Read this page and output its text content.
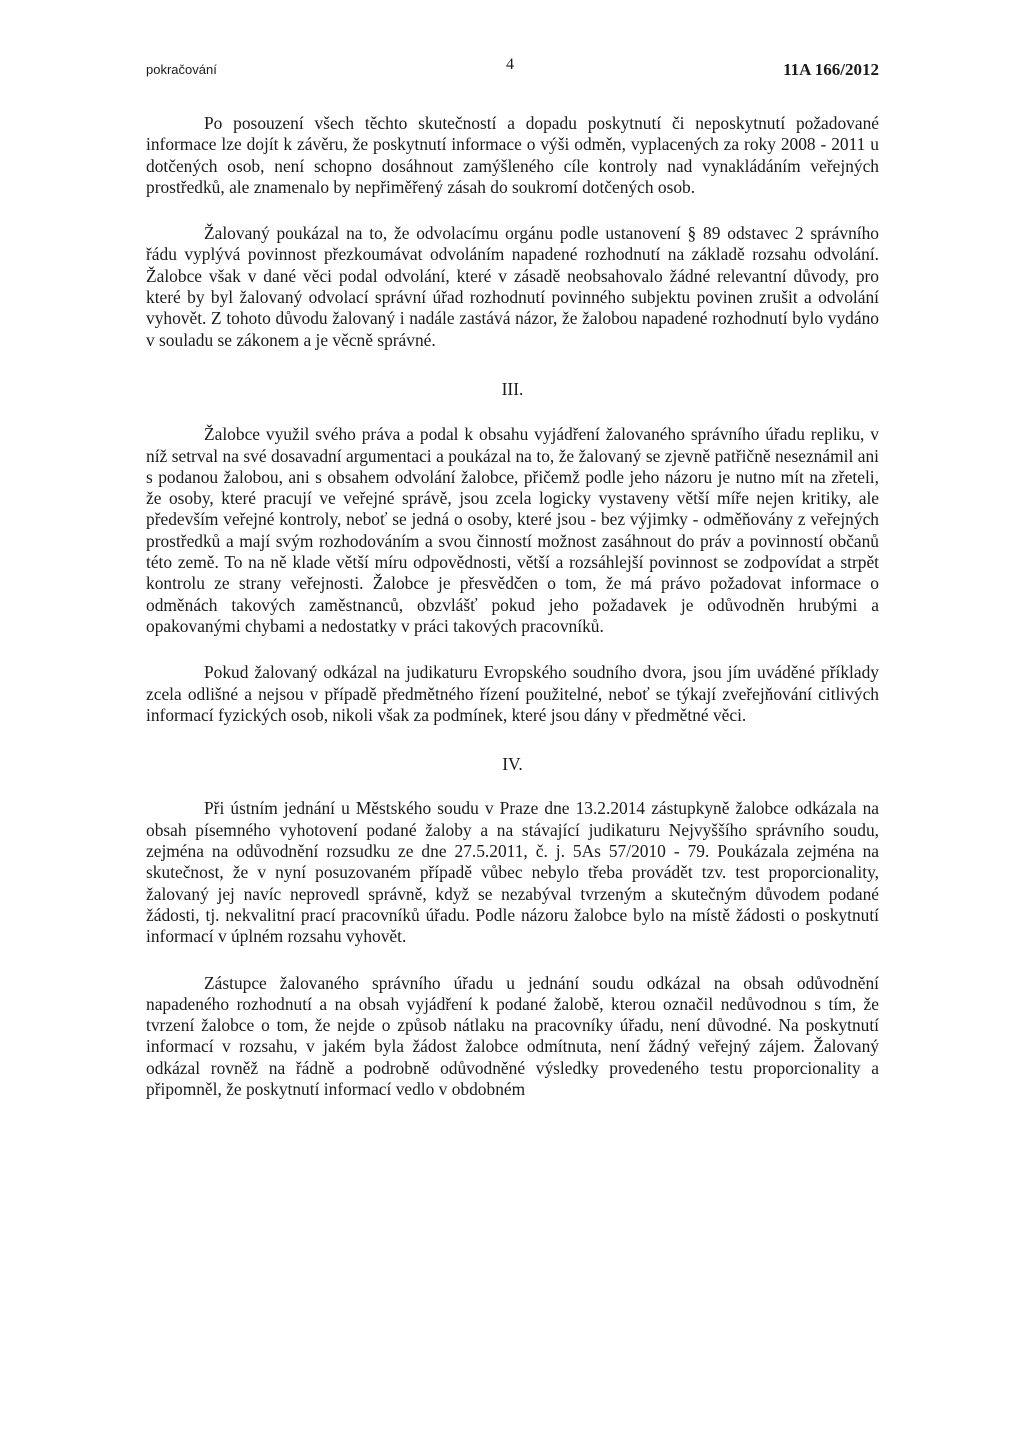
pokračování	4	11A 166/2012

Po posouzení všech těchto skutečností a dopadu poskytnutí či neposkytnutí požadované informace lze dojít k závěru, že poskytnutí informace o výši odměn, vyplacených za roky 2008 - 2011 u dotčených osob, není schopno dosáhnout zamýšleného cíle kontroly nad vynakládáním veřejných prostředků, ale znamenalo by nepřiměřený zásah do soukromí dotčených osob.

Žalovaný poukázal na to, že odvolacímu orgánu podle ustanovení § 89 odstavec 2 správního řádu vyplývá povinnost přezkoumávat odvoláním napadené rozhodnutí na základě rozsahu odvolání. Žalobce však v dané věci podal odvolání, které v zásadě neobsahovalo žádné relevantní důvody, pro které by byl žalovaný odvolací správní úřad rozhodnutí povinného subjektu povinen zrušit a odvolání vyhovět. Z tohoto důvodu žalovaný i nadále zastává názor, že žalobou napadené rozhodnutí bylo vydáno v souladu se zákonem a je věcně správné.

III.

Žalobce využil svého práva a podal k obsahu vyjádření žalovaného správního úřadu repliku, v níž setrval na své dosavadní argumentaci a poukázal na to, že žalovaný se zjevně patřičně neseznámil ani s podanou žalobou, ani s obsahem odvolání žalobce, přičemž podle jeho názoru je nutno mít na zřeteli, že osoby, které pracují ve veřejné správě, jsou zcela logicky vystaveny větší míře nejen kritiky, ale především veřejné kontroly, neboť se jedná o osoby, které jsou - bez výjimky - odměňovány z veřejných prostředků a mají svým rozhodováním a svou činností možnost zasáhnout do práv a povinností občanů této země. To na ně klade větší míru odpovědnosti, větší a rozsáhlejší povinnost se zodpovídat a strpět kontrolu ze strany veřejnosti. Žalobce je přesvědčen o tom, že má právo požadovat informace o odměnách takových zaměstnanců, obzvlášť pokud jeho požadavek je odůvodněn hrubými a opakovanými chybami a nedostatky v práci takových pracovníků.

Pokud žalovaný odkázal na judikaturu Evropského soudního dvora, jsou jím uváděné příklady zcela odlišné a nejsou v případě předmětného řízení použitelné, neboť se týkají zveřejňování citlivých informací fyzických osob, nikoli však za podmínek, které jsou dány v předmětné věci.

IV.

Při ústním jednání u Městského soudu v Praze dne 13.2.2014 zástupkyně žalobce odkázala na obsah písemného vyhotovení podané žaloby a na stávající judikaturu Nejvyššího správního soudu, zejména na odůvodnění rozsudku ze dne 27.5.2011, č. j. 5As 57/2010 - 79. Poukázala zejména na skutečnost, že v nyní posuzovaném případě vůbec nebylo třeba provádět tzv. test proporcionality, žalovaný jej navíc neprovedl správně, když se nezabýval tvrzeným a skutečným důvodem podané žádosti, tj. nekvalitní prací pracovníků úřadu. Podle názoru žalobce bylo na místě žádosti o poskytnutí informací v úplném rozsahu vyhovět.

Zástupce žalovaného správního úřadu u jednání soudu odkázal na obsah odůvodnění napadeného rozhodnutí a na obsah vyjádření k podané žalobě, kterou označil nedůvodnou s tím, že tvrzení žalobce o tom, že nejde o způsob nátlaku na pracovníky úřadu, není důvodné. Na poskytnutí informací v rozsahu, v jakém byla žádost žalobce odmítnuta, není žádný veřejný zájem. Žalovaný odkázal rovněž na řádně a podrobně odůvodněné výsledky provedeného testu proporcionality a připomněl, že poskytnutí informací vedlo v obdobném
